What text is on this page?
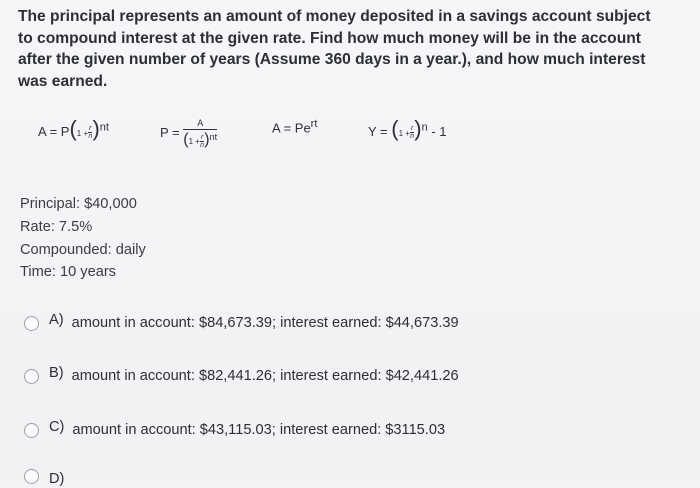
The principal represents an amount of money deposited in a savings account subject to compound interest at the given rate. Find how much money will be in the account after the given number of years (Assume 360 days in a year.), and how much interest was earned.
$A = P(1 + \frac{r}{n} )^{nt}$	$P = \frac{A}{(1 + \frac{r}{n} )^{nt}}$	$A = Pe^{rt}$	$Y = (1 + \frac{r}{n} )^n - 1$
Principal: $40,000
Rate: 7.5%
Compounded: daily
Time: 10 years
A) amount in account: $84,673.39; interest earned: $44,673.39
B) amount in account: $82,441.26; interest earned: $42,441.26
C) amount in account: $43,115.03; interest earned: $3115.03
D)
